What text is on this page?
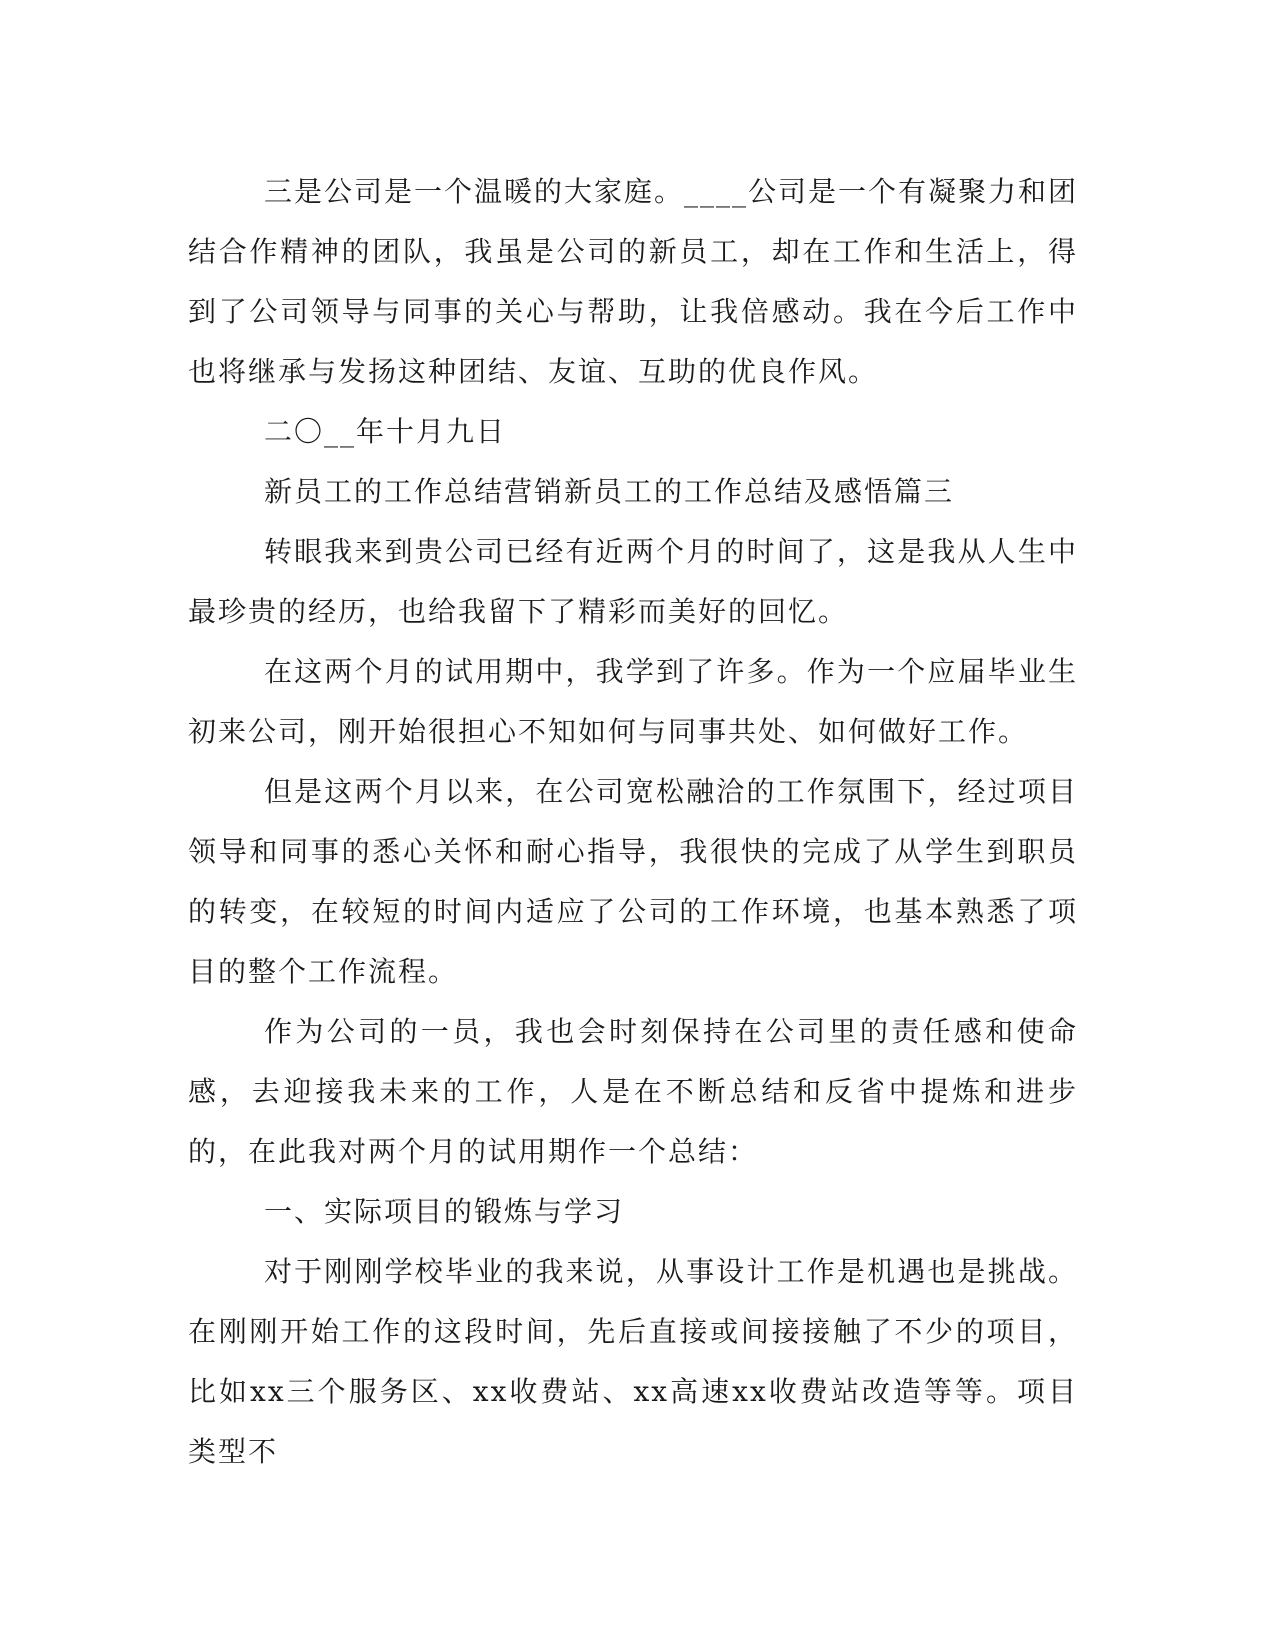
三是公司是一个温暖的大家庭。____公司是一个有凝聚力和团结合作精神的团队，我虽是公司的新员工，却在工作和生活上，得到了公司领导与同事的关心与帮助，让我倍感动。我在今后工作中也将继承与发扬这种团结、友谊、互助的优良作风。

二〇__年十月九日

新员工的工作总结营销新员工的工作总结及感悟篇三

转眼我来到贵公司已经有近两个月的时间了，这是我从人生中最珍贵的经历，也给我留下了精彩而美好的回忆。

在这两个月的试用期中，我学到了许多。作为一个应届毕业生初来公司，刚开始很担心不知如何与同事共处、如何做好工作。

但是这两个月以来，在公司宽松融洽的工作氛围下，经过项目领导和同事的悉心关怀和耐心指导，我很快的完成了从学生到职员的转变，在较短的时间内适应了公司的工作环境，也基本熟悉了项目的整个工作流程。

作为公司的一员，我也会时刻保持在公司里的责任感和使命感，去迎接我未来的工作，人是在不断总结和反省中提炼和进步的，在此我对两个月的试用期作一个总结：

一、实际项目的锻炼与学习

对于刚刚学校毕业的我来说，从事设计工作是机遇也是挑战。在刚刚开始工作的这段时间，先后直接或间接接触了不少的项目，比如xx三个服务区、xx收费站、xx高速xx收费站改造等等。项目类型不
